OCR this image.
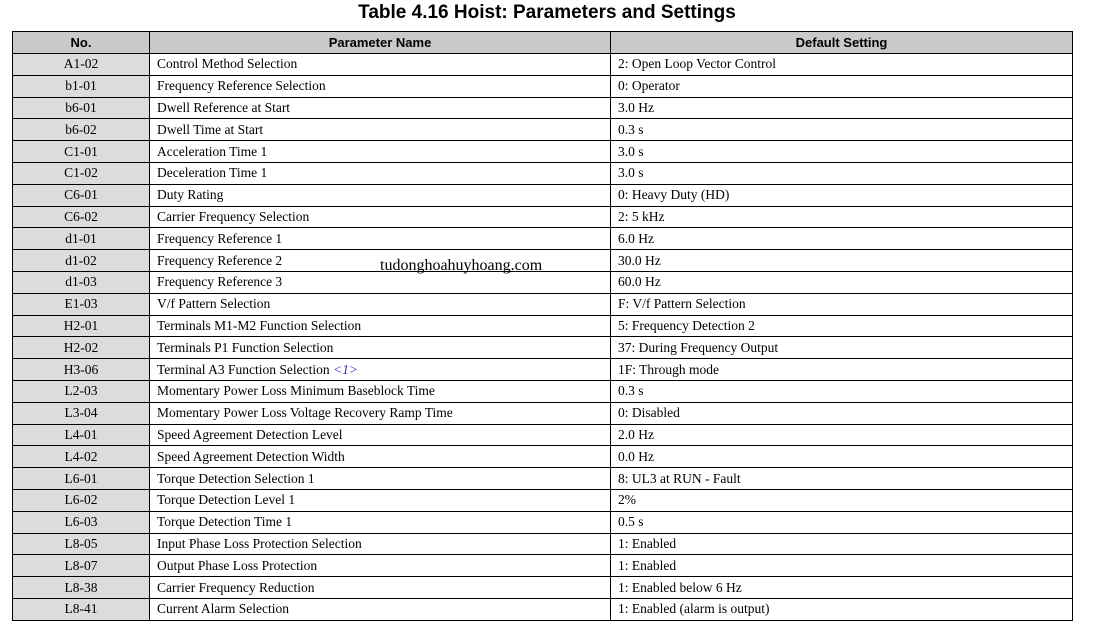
Table 4.16 Hoist: Parameters and Settings
No.	Parameter Name	Default Setting
A1-02	Control Method Selection	2: Open Loop Vector Control
b1-01	Frequency Reference Selection	0: Operator
b6-01	Dwell Reference at Start	3.0 Hz
b6-02	Dwell Time at Start	0.3 s
C1-01	Acceleration Time 1	3.0 s
C1-02	Deceleration Time 1	3.0 s
C6-01	Duty Rating	0: Heavy Duty (HD)
C6-02	Carrier Frequency Selection	2: 5 kHz
d1-01	Frequency Reference 1	6.0 Hz
d1-02	Frequency Reference 2	30.0 Hz
d1-03	Frequency Reference 3	60.0 Hz
E1-03	V/f Pattern Selection	F: V/f Pattern Selection
H2-01	Terminals M1-M2 Function Selection	5: Frequency Detection 2
H2-02	Terminals P1 Function Selection	37: During Frequency Output
H3-06	Terminal A3 Function Selection <1>	1F: Through mode
L2-03	Momentary Power Loss Minimum Baseblock Time	0.3 s
L3-04	Momentary Power Loss Voltage Recovery Ramp Time	0: Disabled
L4-01	Speed Agreement Detection Level	2.0 Hz
L4-02	Speed Agreement Detection Width	0.0 Hz
L6-01	Torque Detection Selection 1	8: UL3 at RUN - Fault
L6-02	Torque Detection Level 1	2%
L6-03	Torque Detection Time 1	0.5 s
L8-05	Input Phase Loss Protection Selection	1: Enabled
L8-07	Output Phase Loss Protection	1: Enabled
L8-38	Carrier Frequency Reduction	1: Enabled below 6 Hz
L8-41	Current Alarm Selection	1: Enabled (alarm is output)
tudonghoahuyhoang.com
